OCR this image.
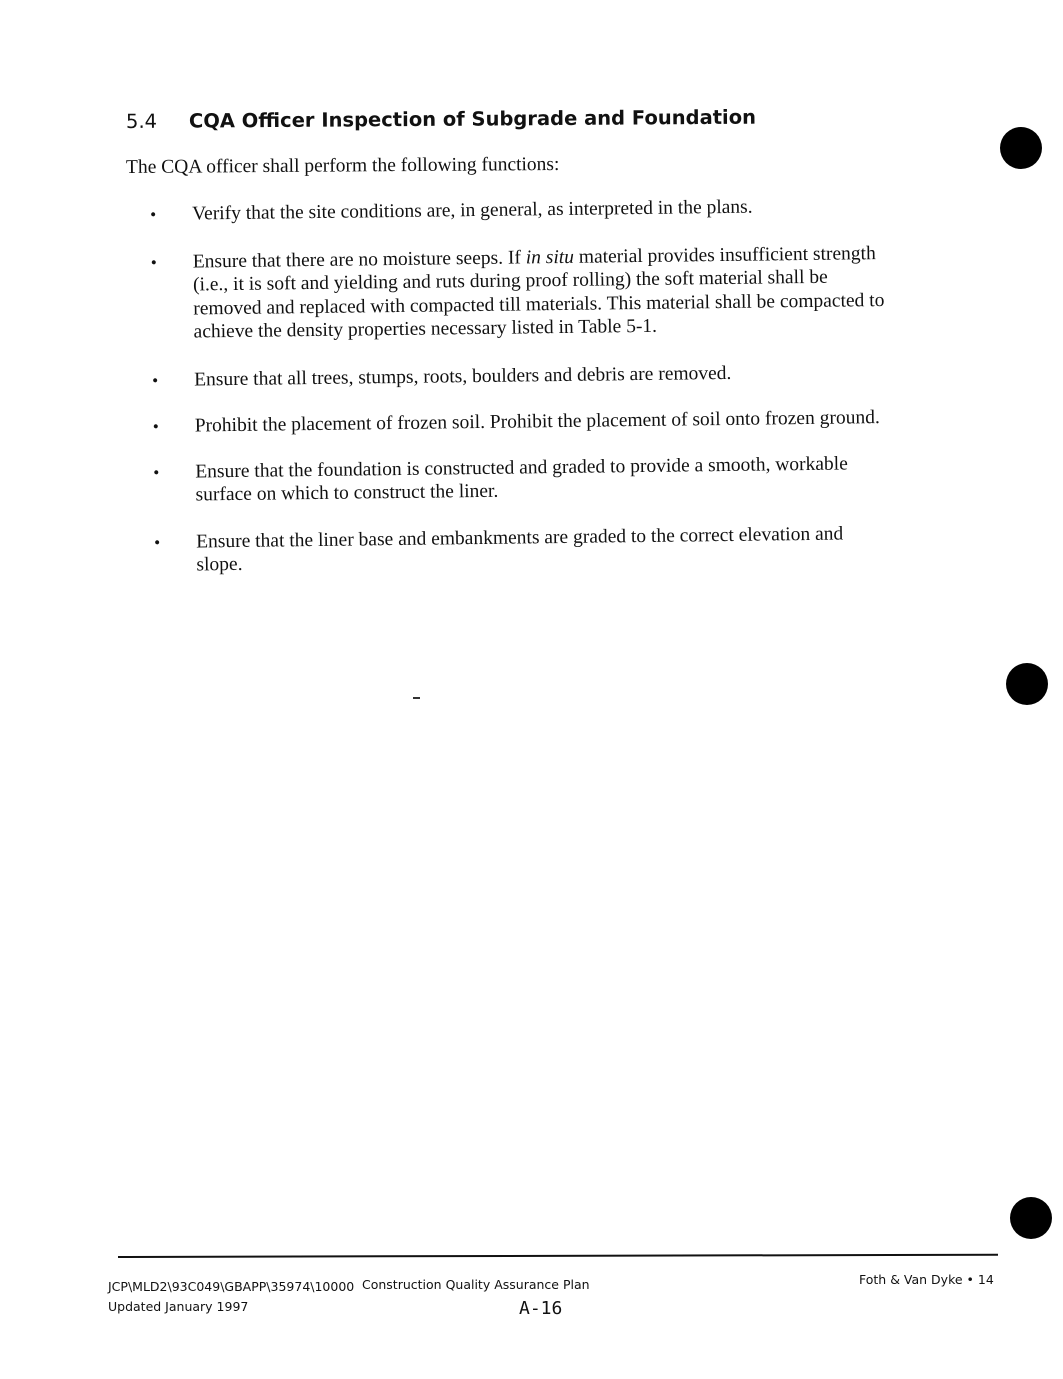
5.4 CQA Officer Inspection of Subgrade and Foundation
The CQA officer shall perform the following functions:
• Verify that the site conditions are, in general, as interpreted in the plans.
• Ensure that there are no moisture seeps. If in situ material provides insufficient strength
(i.e., it is soft and yielding and ruts during proof rolling) the soft material shall be
removed and replaced with compacted till materials. This material shall be compacted to
achieve the density properties necessary listed in Table 5-1.
• Ensure that all trees, stumps, roots, boulders and debris are removed.
• Prohibit the placement of frozen soil. Prohibit the placement of soil onto frozen ground.
• Ensure that the foundation is constructed and graded to provide a smooth, workable
surface on which to construct the liner.
• Ensure that the liner base and embankments are graded to the correct elevation and
slope.
JCP\MLD2\93C049\GBAPP\35974\10000 Construction Quality Assurance Plan
Updated January 1997
Foth & Van Dyke • 14
A-16
